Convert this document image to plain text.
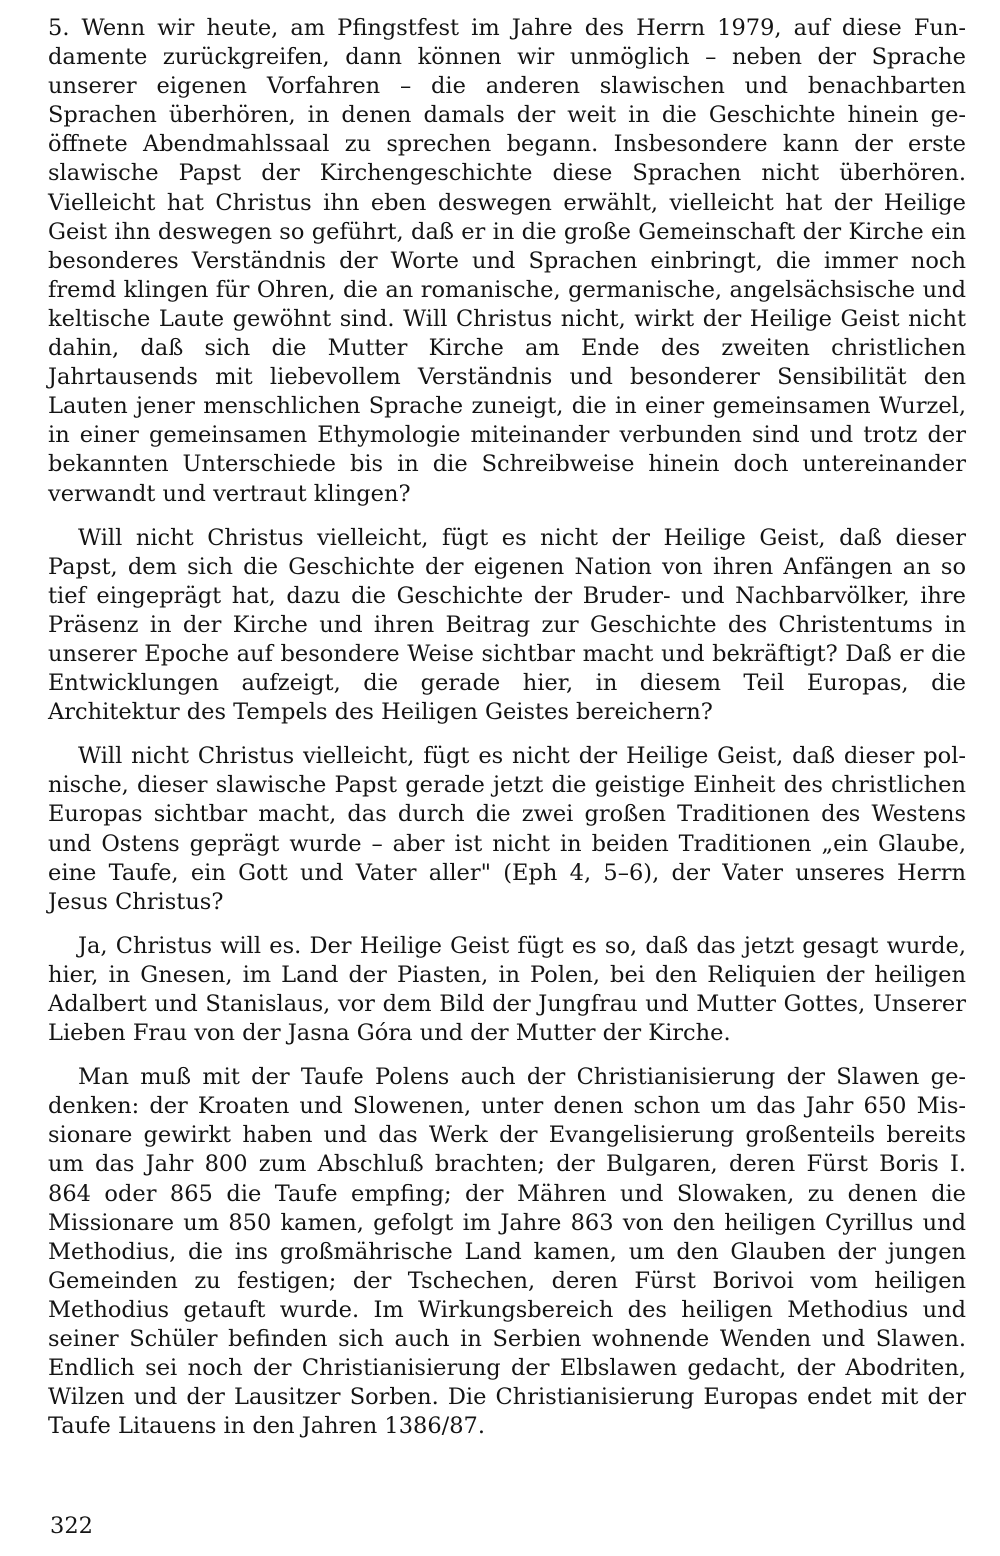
5. Wenn wir heute, am Pfingstfest im Jahre des Herrn 1979, auf diese Fundamente zurückgreifen, dann können wir unmöglich – neben der Sprache unserer eigenen Vorfahren – die anderen slawischen und benachbarten Sprachen überhören, in denen damals der weit in die Geschichte hinein geöffnete Abendmahlssaal zu sprechen begann. Insbesondere kann der erste slawische Papst der Kirchengeschichte diese Sprachen nicht überhören. Vielleicht hat Christus ihn eben deswegen erwählt, vielleicht hat der Heilige Geist ihn deswegen so geführt, daß er in die große Gemeinschaft der Kirche ein besonderes Verständnis der Worte und Sprachen einbringt, die immer noch fremd klingen für Ohren, die an romanische, germanische, angelsächsische und keltische Laute gewöhnt sind. Will Christus nicht, wirkt der Heilige Geist nicht dahin, daß sich die Mutter Kirche am Ende des zweiten christlichen Jahrtausends mit liebevollem Verständnis und besonderer Sensibilität den Lauten jener menschlichen Sprache zuneigt, die in einer gemeinsamen Wurzel, in einer gemeinsamen Ethymologie miteinander verbunden sind und trotz der bekannten Unterschiede bis in die Schreibweise hinein doch untereinander verwandt und vertraut klingen?

Will nicht Christus vielleicht, fügt es nicht der Heilige Geist, daß dieser Papst, dem sich die Geschichte der eigenen Nation von ihren Anfängen an so tief eingeprägt hat, dazu die Geschichte der Bruder- und Nachbarvölker, ihre Präsenz in der Kirche und ihren Beitrag zur Geschichte des Christentums in unserer Epoche auf besondere Weise sichtbar macht und bekräftigt? Daß er die Entwicklungen aufzeigt, die gerade hier, in diesem Teil Europas, die Architektur des Tempels des Heiligen Geistes bereichern?

Will nicht Christus vielleicht, fügt es nicht der Heilige Geist, daß dieser polnische, dieser slawische Papst gerade jetzt die geistige Einheit des christlichen Europas sichtbar macht, das durch die zwei großen Traditionen des Westens und Ostens geprägt wurde – aber ist nicht in beiden Traditionen „ein Glaube, eine Taufe, ein Gott und Vater aller" (Eph 4, 5–6), der Vater unseres Herrn Jesus Christus?

Ja, Christus will es. Der Heilige Geist fügt es so, daß das jetzt gesagt wurde, hier, in Gnesen, im Land der Piasten, in Polen, bei den Reliquien der heiligen Adalbert und Stanislaus, vor dem Bild der Jungfrau und Mutter Gottes, Unserer Lieben Frau von der Jasna Góra und der Mutter der Kirche.

Man muß mit der Taufe Polens auch der Christianisierung der Slawen gedenken: der Kroaten und Slowenen, unter denen schon um das Jahr 650 Missionare gewirkt haben und das Werk der Evangelisierung großenteils bereits um das Jahr 800 zum Abschluß brachten; der Bulgaren, deren Fürst Boris I. 864 oder 865 die Taufe empfing; der Mähren und Slowaken, zu denen die Missionare um 850 kamen, gefolgt im Jahre 863 von den heiligen Cyrillus und Methodius, die ins großmährische Land kamen, um den Glauben der jungen Gemeinden zu festigen; der Tschechen, deren Fürst Borivoi vom heiligen Methodius getauft wurde. Im Wirkungsbereich des heiligen Methodius und seiner Schüler befinden sich auch in Serbien wohnende Wenden und Slawen. Endlich sei noch der Christianisierung der Elbslawen gedacht, der Abodriten, Wilzen und der Lausitzer Sorben. Die Christianisierung Europas endet mit der Taufe Litauens in den Jahren 1386/87.

322
